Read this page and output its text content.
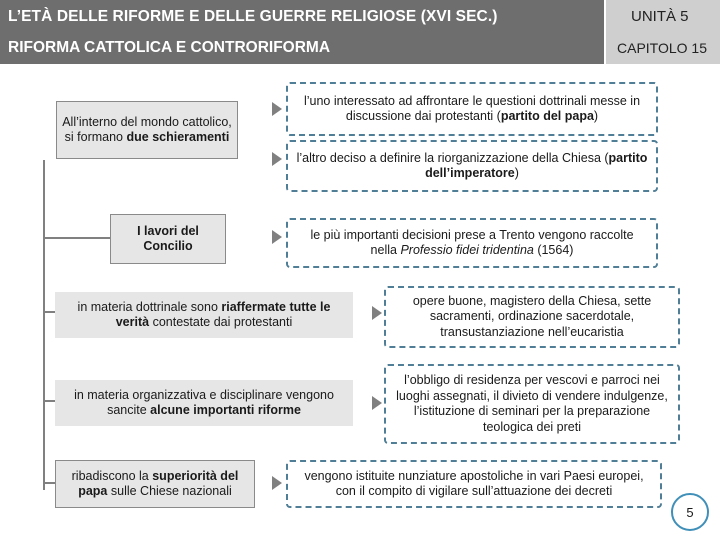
L’ETÀ DELLE RIFORME E DELLE GUERRE RELIGIOSE (XVI SEC.)
RIFORMA CATTOLICA E CONTRORIFORMA
UNITÀ 5
CAPITOLO 15
All’interno del mondo cattolico, si formano due schieramenti
l’uno interessato ad affrontare le questioni dottrinali messe in discussione dai protestanti (partito del papa)
l’altro deciso a definire la riorganizzazione della Chiesa (partito dell’imperatore)
I lavori del Concilio
le più importanti decisioni prese a Trento vengono raccolte nella Professio fidei tridentina (1564)
in materia dottrinale sono riaffermate tutte le verità contestate dai protestanti
opere buone, magistero della Chiesa, sette sacramenti, ordinazione sacerdotale, transustanziazione nell’eucaristia
in materia organizzativa e disciplinare vengono sancite alcune importanti riforme
l’obbligo di residenza per vescovi e parroci nei luoghi assegnati, il divieto di vendere indulgenze, l’istituzione di seminari per la preparazione teologica dei preti
ribadiscono la superiorità del papa sulle Chiese nazionali
vengono istituite nunziature apostoliche in vari Paesi europei, con il compito di vigilare sull’attuazione dei decreti
5
